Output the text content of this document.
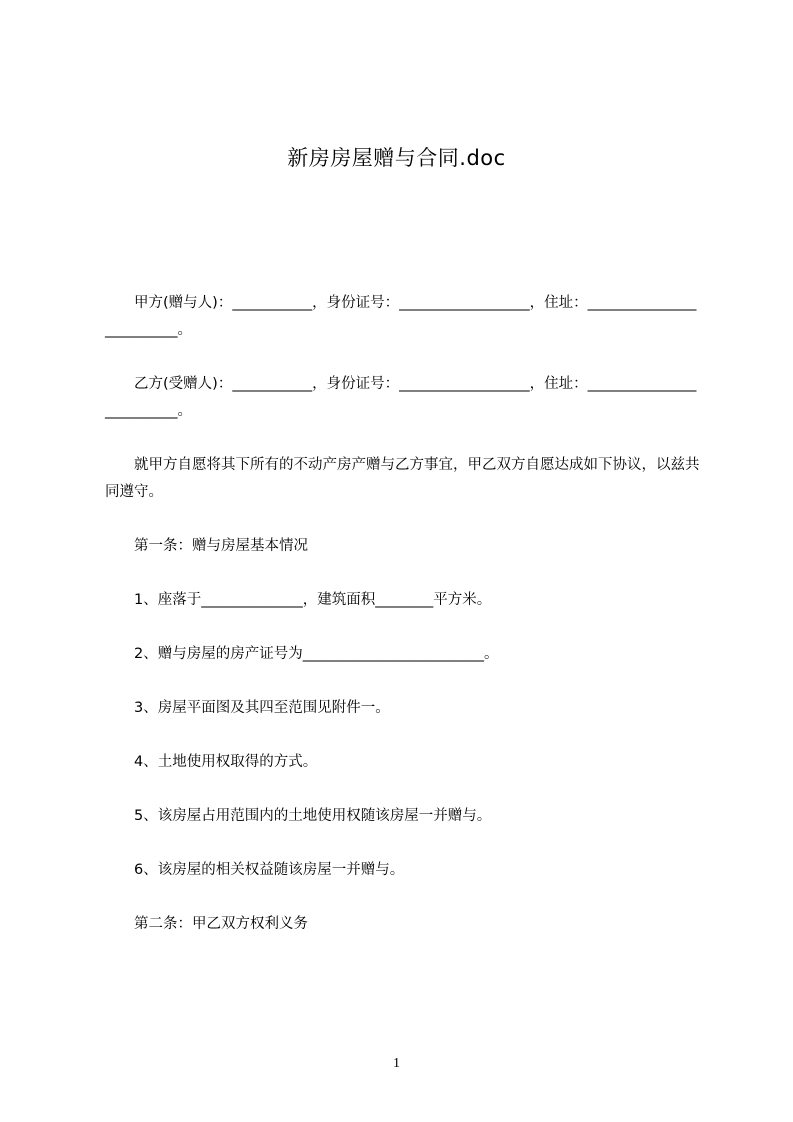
新房房屋赠与合同.doc

甲方(赠与人)：___________，身份证号：__________________，住址：_________________________。

乙方(受赠人)：___________，身份证号：__________________，住址：_________________________。

就甲方自愿将其下所有的不动产房产赠与乙方事宜，甲乙双方自愿达成如下协议，以兹共同遵守。

第一条：赠与房屋基本情况

1、座落于______________，建筑面积________平方米。

2、赠与房屋的房产证号为_________________________。

3、房屋平面图及其四至范围见附件一。

4、土地使用权取得的方式。

5、该房屋占用范围内的土地使用权随该房屋一并赠与。

6、该房屋的相关权益随该房屋一并赠与。

第二条：甲乙双方权利义务

1
